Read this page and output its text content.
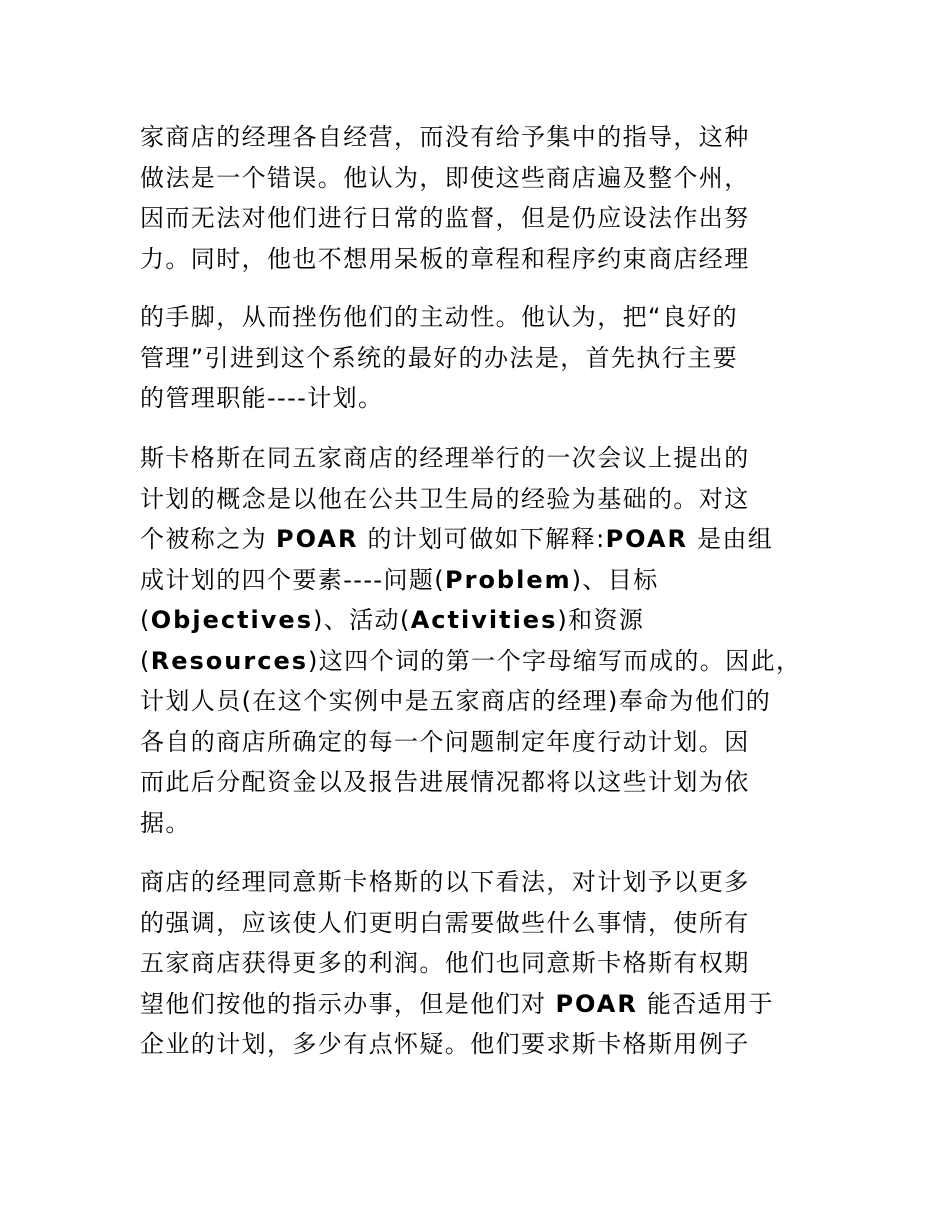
家商店的经理各自经营，而没有给予集中的指导，这种
做法是一个错误。他认为，即使这些商店遍及整个州，
因而无法对他们进行日常的监督，但是仍应设法作出努
力。同时，他也不想用呆板的章程和程序约束商店经理
的手脚，从而挫伤他们的主动性。他认为，把“良好的
管理”引进到这个系统的最好的办法是，首先执行主要
的管理职能----计划。
斯卡格斯在同五家商店的经理举行的一次会议上提出的
计划的概念是以他在公共卫生局的经验为基础的。对这
个被称之为 POAR 的计划可做如下解释:POAR 是由组
成计划的四个要素----问题(Problem)、目标
(Objectives)、活动(Activities)和资源
(Resources)这四个词的第一个字母缩写而成的。因此，
计划人员(在这个实例中是五家商店的经理)奉命为他们的
各自的商店所确定的每一个问题制定年度行动计划。因
而此后分配资金以及报告进展情况都将以这些计划为依
据。
商店的经理同意斯卡格斯的以下看法，对计划予以更多
的强调，应该使人们更明白需要做些什么事情，使所有
五家商店获得更多的利润。他们也同意斯卡格斯有权期
望他们按他的指示办事，但是他们对 POAR 能否适用于
企业的计划，多少有点怀疑。他们要求斯卡格斯用例子
